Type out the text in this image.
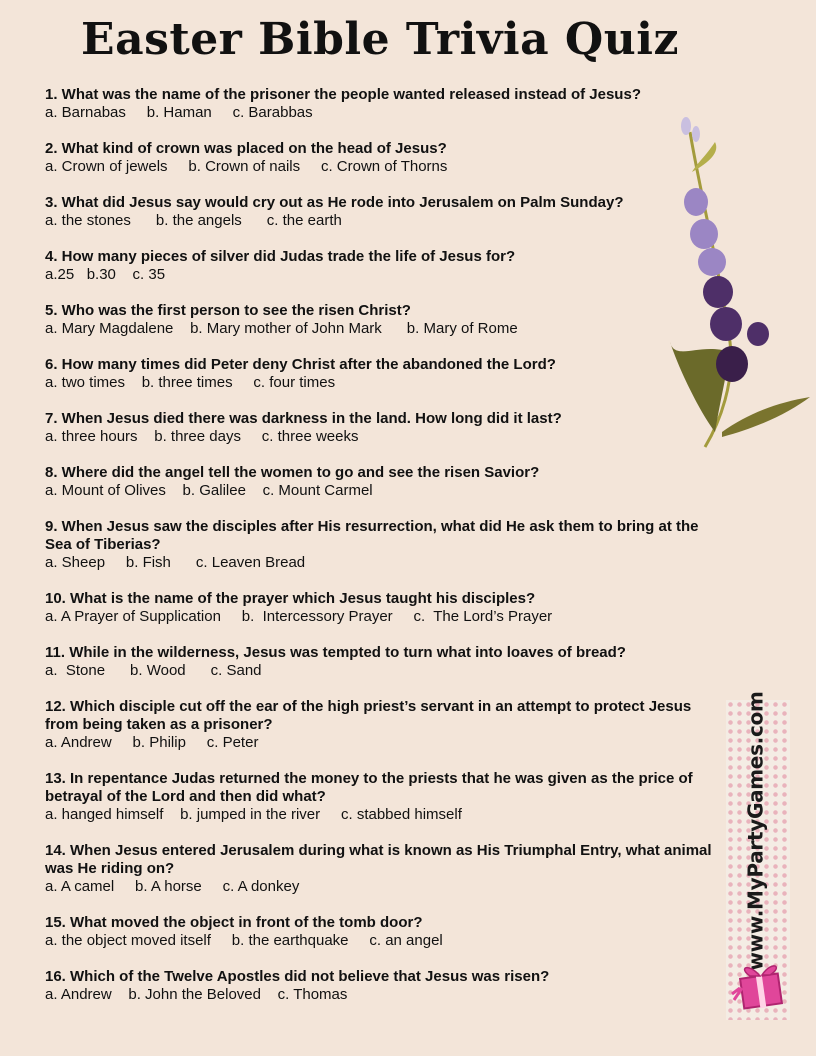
Easter Bible Trivia Quiz
1. What was the name of the prisoner the people wanted released instead of Jesus?
a. Barnabas     b. Haman     c. Barabbas
2. What kind of crown was placed on the head of Jesus?
a. Crown of jewels     b. Crown of nails     c. Crown of Thorns
3. What did Jesus say would cry out as He rode into Jerusalem on Palm Sunday?
a. the stones      b. the angels      c. the earth
4. How many pieces of silver did Judas trade the life of Jesus for?
a.25   b.30    c. 35
5. Who was the first person to see the risen Christ?
a. Mary Magdalene    b. Mary mother of John Mark      b. Mary of Rome
6. How many times did Peter deny Christ after the abandoned the Lord?
a. two times    b. three times     c. four times
7. When Jesus died there was darkness in the land. How long did it last?
a. three hours    b. three days     c. three weeks
8. Where did the angel tell the women to go and see the risen Savior?
a. Mount of Olives    b. Galilee    c. Mount Carmel
9. When Jesus saw the disciples after His resurrection, what did He ask them to bring at the Sea of Tiberias?
a. Sheep     b. Fish      c. Leaven Bread
10. What is the name of the prayer which Jesus taught his disciples?
a. A Prayer of Supplication     b.  Intercessory Prayer     c.  The Lord’s Prayer
11. While in the wilderness, Jesus was tempted to turn what into loaves of bread?
a.  Stone      b. Wood      c. Sand
12. Which disciple cut off the ear of the high priest’s servant in an attempt to protect Jesus from being taken as a prisoner?
a. Andrew     b. Philip     c. Peter
13. In repentance Judas returned the money to the priests that he was given as the price of betrayal of the Lord and then did what?
a. hanged himself    b. jumped in the river     c. stabbed himself
14. When Jesus entered Jerusalem during what is known as His Triumphal Entry, what animal was He riding on?
a. A camel     b. A horse     c. A donkey
15. What moved the object in front of the tomb door?
a. the object moved itself     b. the earthquake     c. an angel
16. Which of the Twelve Apostles did not believe that Jesus was risen?
a. Andrew    b. John the Beloved    c. Thomas
www.MyPartyGames.com
